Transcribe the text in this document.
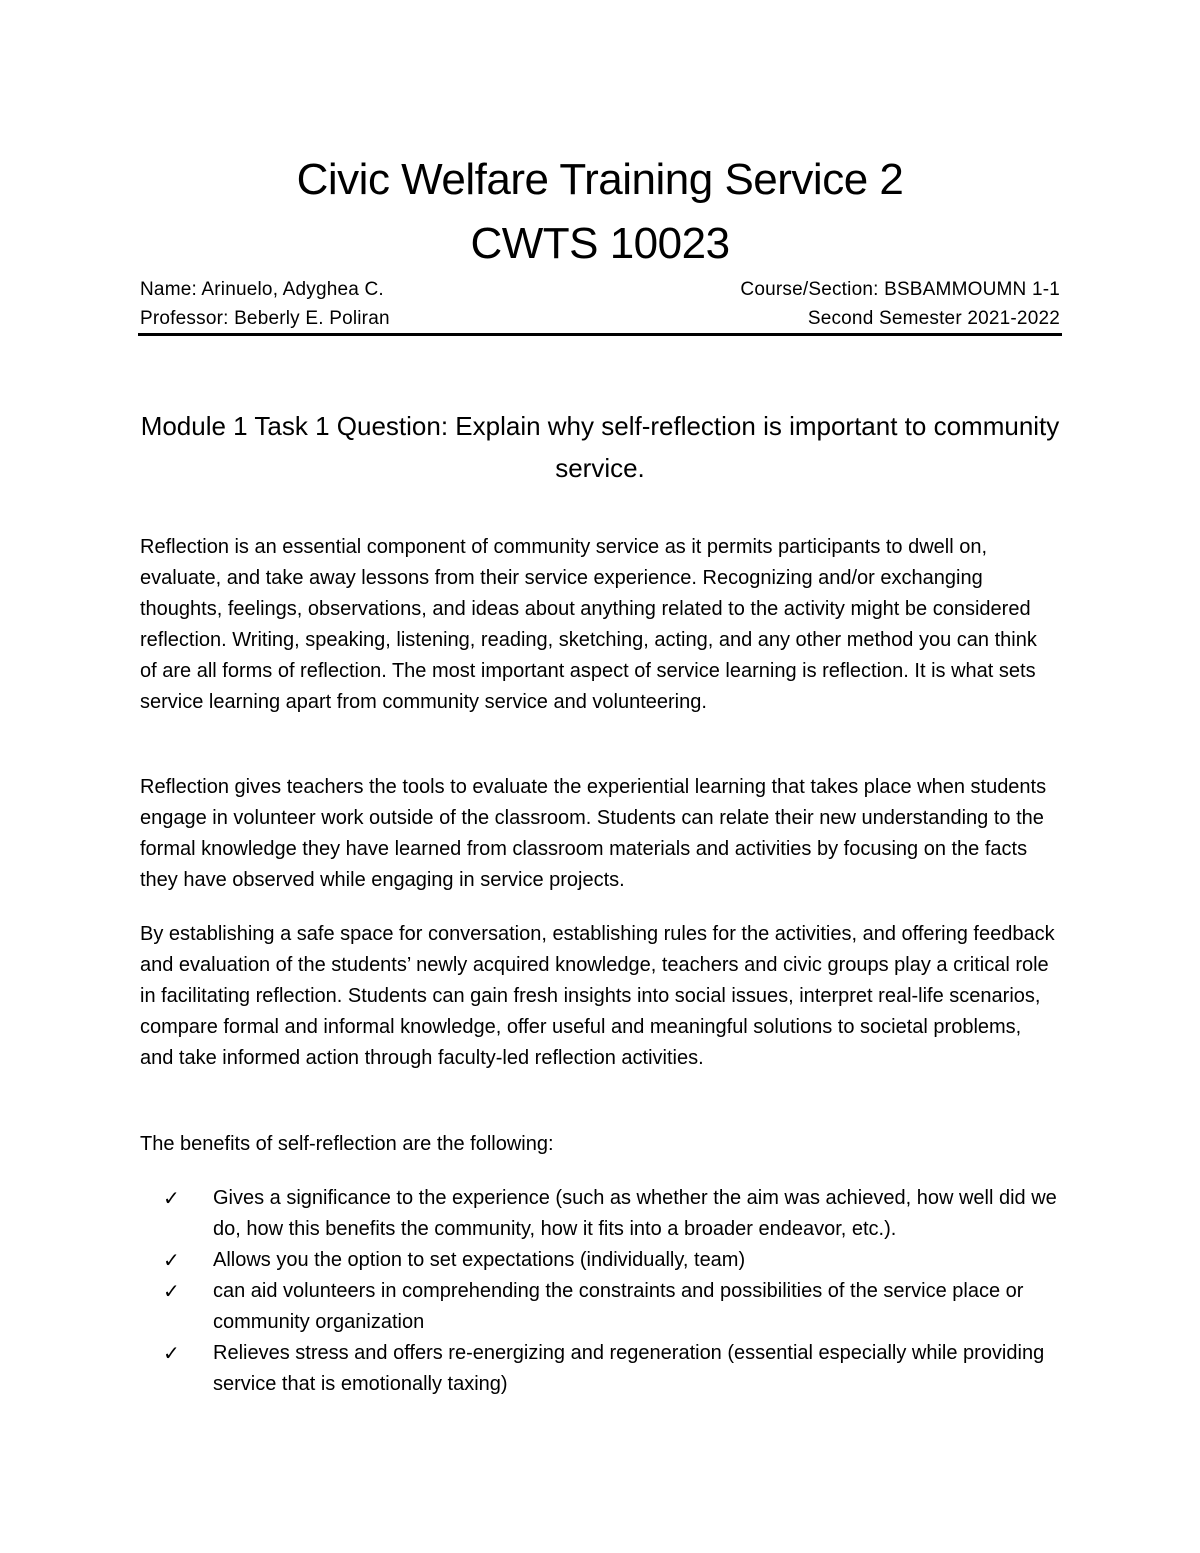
Civic Welfare Training Service 2
CWTS 10023
Name: Arinuelo, Adyghea C.	Course/Section: BSBAMMOUMN 1-1
Professor: Beberly E. Poliran	Second Semester 2021-2022
Module 1 Task 1 Question: Explain why self-reflection is important to community service.

Reflection is an essential component of community service as it permits participants to dwell on, evaluate, and take away lessons from their service experience. Recognizing and/or exchanging thoughts, feelings, observations, and ideas about anything related to the activity might be considered reflection. Writing, speaking, listening, reading, sketching, acting, and any other method you can think of are all forms of reflection. The most important aspect of service learning is reflection. It is what sets service learning apart from community service and volunteering.

Reflection gives teachers the tools to evaluate the experiential learning that takes place when students engage in volunteer work outside of the classroom. Students can relate their new understanding to the formal knowledge they have learned from classroom materials and activities by focusing on the facts they have observed while engaging in service projects.

By establishing a safe space for conversation, establishing rules for the activities, and offering feedback and evaluation of the students’ newly acquired knowledge, teachers and civic groups play a critical role in facilitating reflection. Students can gain fresh insights into social issues, interpret real-life scenarios, compare formal and informal knowledge, offer useful and meaningful solutions to societal problems, and take informed action through faculty-led reflection activities.

The benefits of self-reflection are the following:

✓ Gives a significance to the experience (such as whether the aim was achieved, how well did we do, how this benefits the community, how it fits into a broader endeavor, etc.).
✓ Allows you the option to set expectations (individually, team)
✓ can aid volunteers in comprehending the constraints and possibilities of the service place or community organization
✓ Relieves stress and offers re-energizing and regeneration (essential especially while providing service that is emotionally taxing)
